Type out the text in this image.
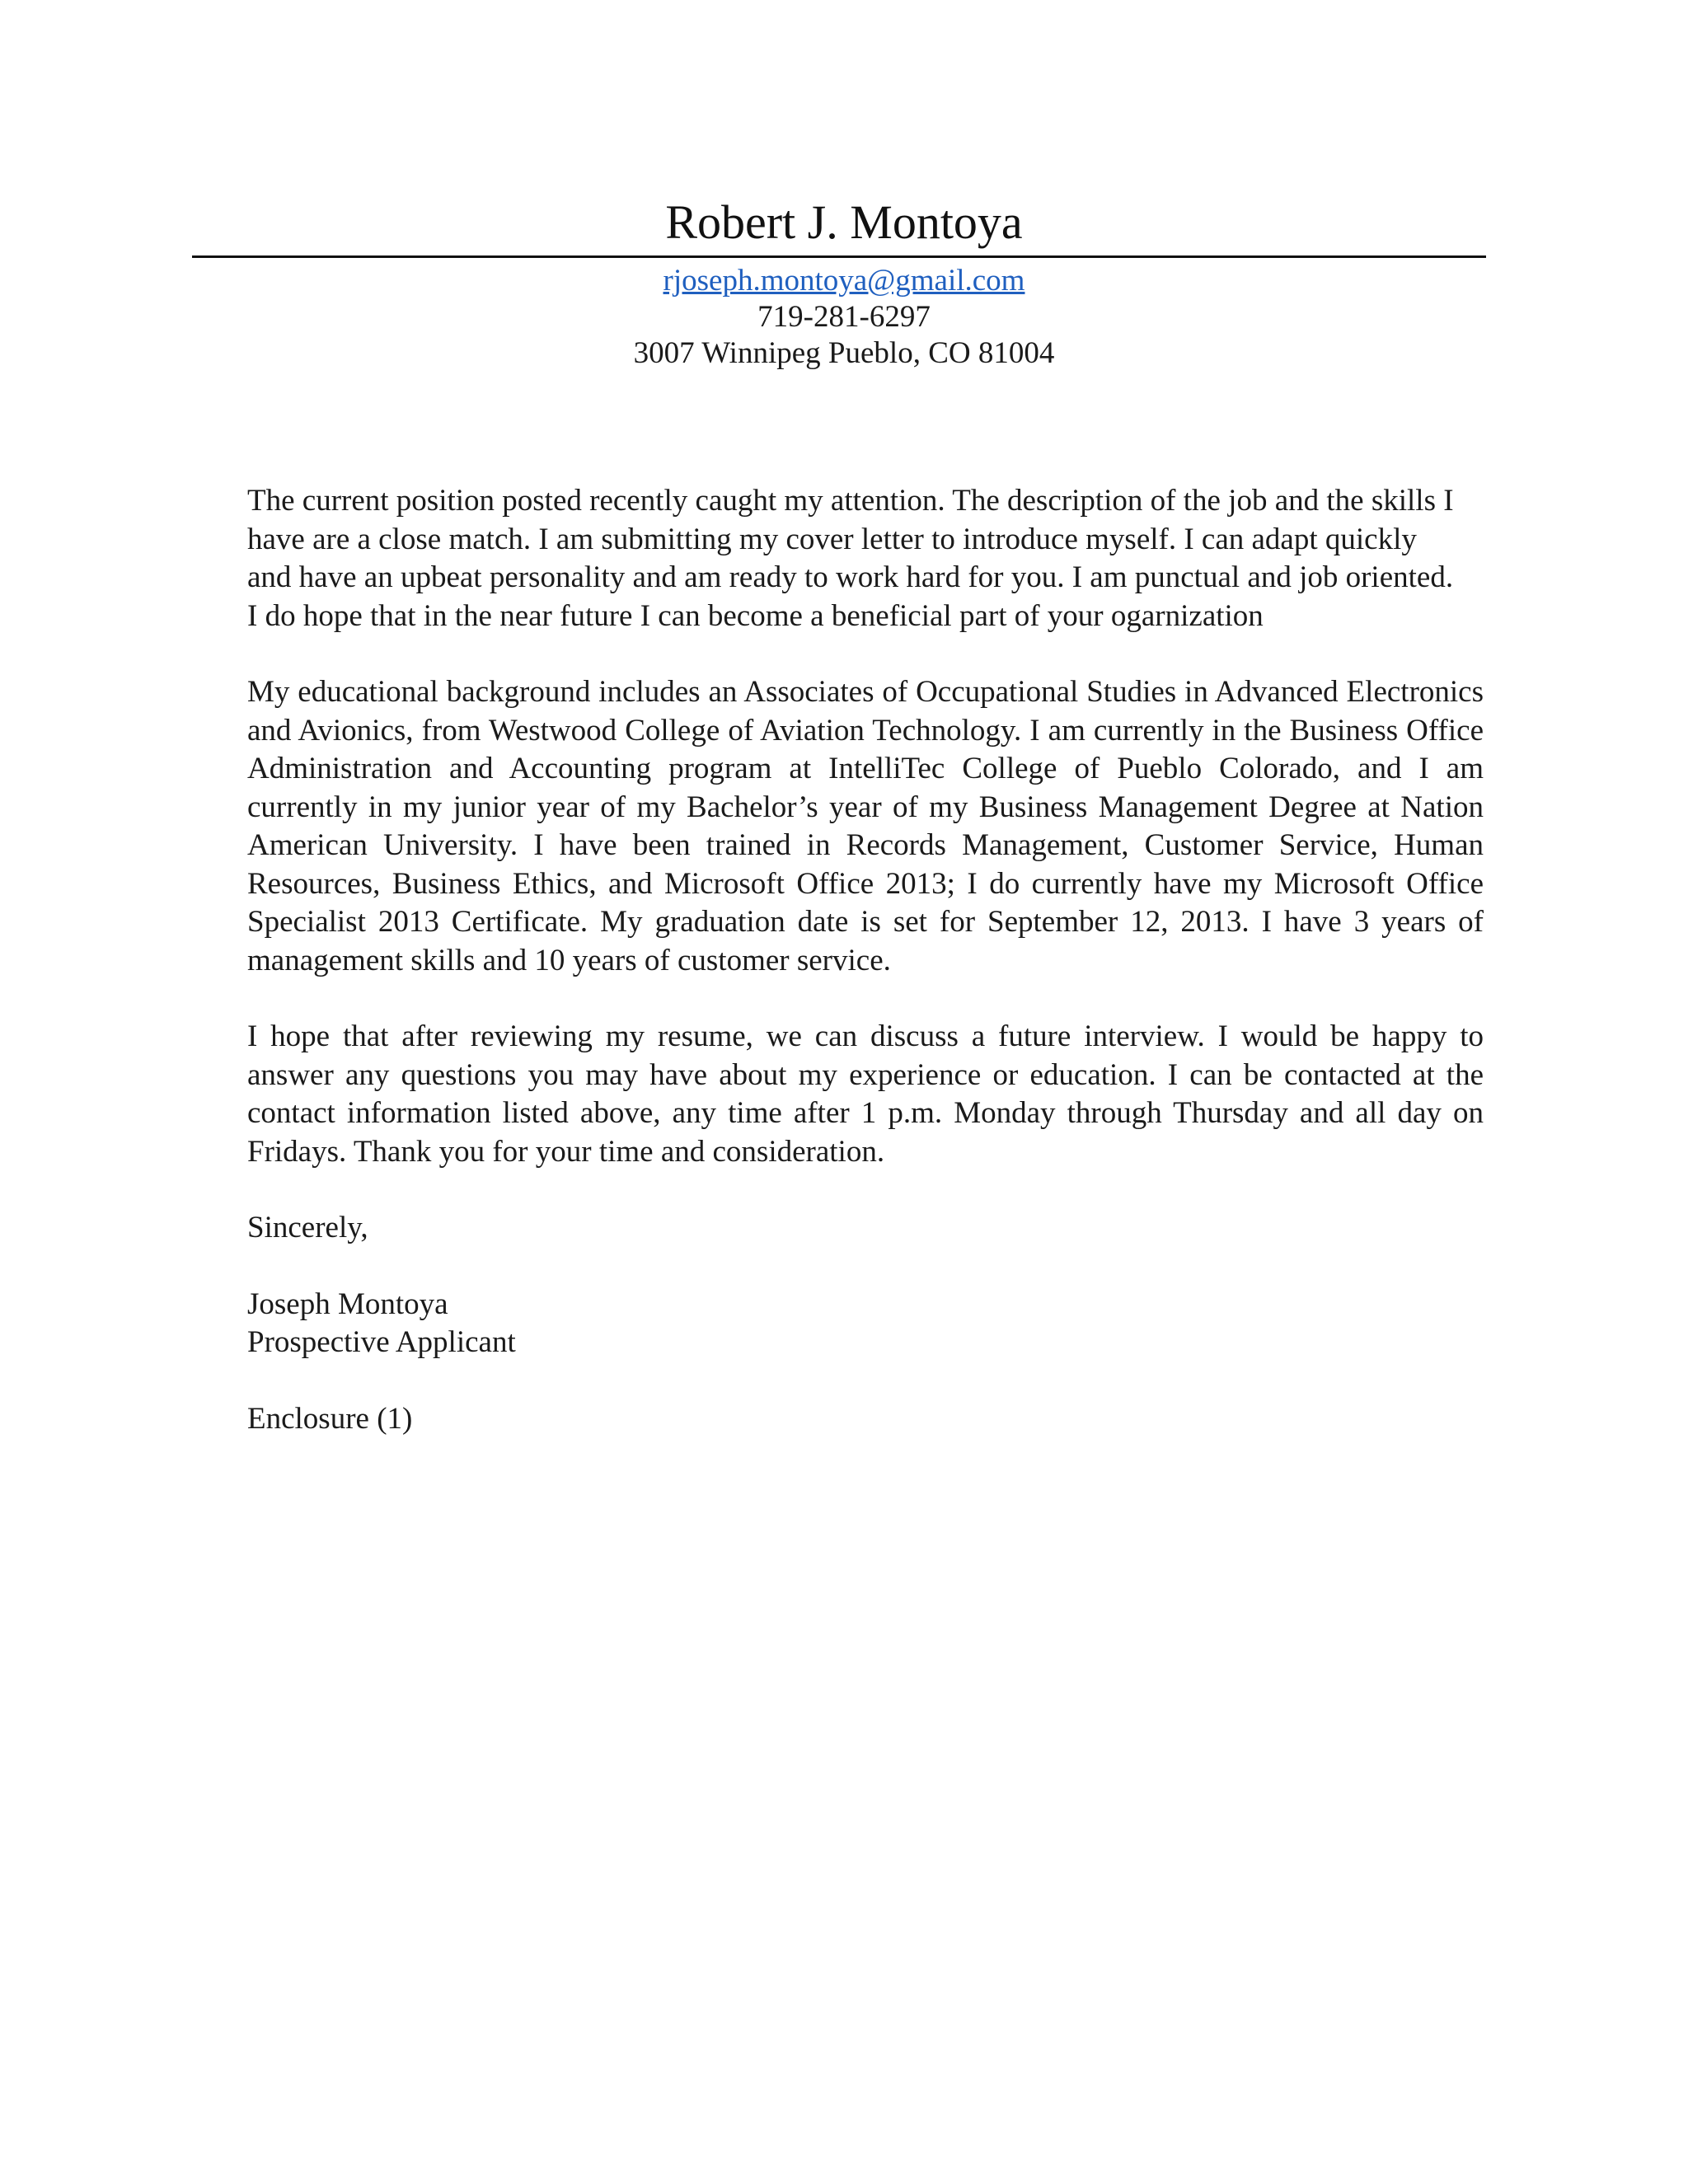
Robert J. Montoya
rjoseph.montoya@gmail.com
719-281-6297
3007 Winnipeg Pueblo, CO 81004

The current position posted recently caught my attention. The description of the job and the skills I have are a close match. I am submitting my cover letter to introduce myself. I can adapt quickly and have an upbeat personality and am ready to work hard for you. I am punctual and job oriented. I do hope that in the near future I can become a beneficial part of your ogarnization

My educational background includes an Associates of Occupational Studies in Advanced Electronics and Avionics, from Westwood College of Aviation Technology. I am currently in the Business Office Administration and Accounting program at IntelliTec College of Pueblo Colorado, and I am currently in my junior year of my Bachelor’s year of my Business Management Degree at Nation American University. I have been trained in Records Management, Customer Service, Human Resources, Business Ethics, and Microsoft Office 2013; I do currently have my Microsoft Office Specialist 2013 Certificate. My graduation date is set for September 12, 2013. I have 3 years of management skills and 10 years of customer service.

I hope that after reviewing my resume, we can discuss a future interview. I would be happy to answer any questions you may have about my experience or education. I can be contacted at the contact information listed above, any time after 1 p.m. Monday through Thursday and all day on Fridays. Thank you for your time and consideration.

Sincerely,

Joseph Montoya
Prospective Applicant

Enclosure (1)
